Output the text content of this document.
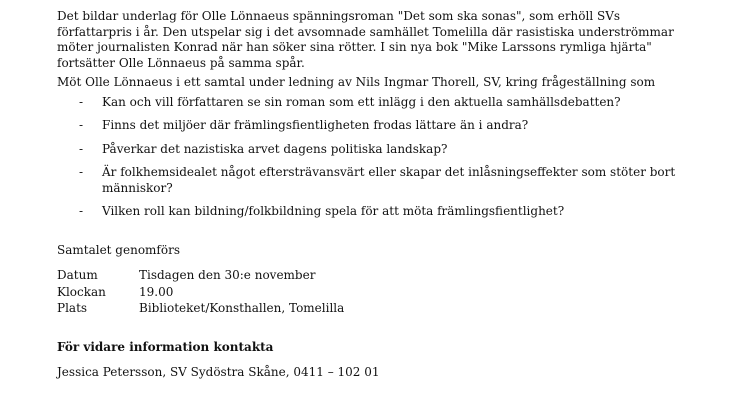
Det bildar underlag för Olle Lönnaeus spänningsroman "Det som ska sonas", som erhöll SVs författarpris i år. Den utspelar sig i det avsomnade samhället Tomelilla där rasistiska underströmmar möter journalisten Konrad när han söker sina rötter. I sin nya bok "Mike Larssons rymliga hjärta" fortsätter Olle Lönnaeus på samma spår.

Möt Olle Lönnaeus i ett samtal under ledning av Nils Ingmar Thorell, SV, kring frågeställning som

- Kan och vill författaren se sin roman som ett inlägg i den aktuella samhällsdebatten?
- Finns det miljöer där främlingsfientligheten frodas lättare än i andra?
- Påverkar det nazistiska arvet dagens politiska landskap?
- Är folkhemsidealet något eftersträvansvärt eller skapar det inlåsningseffekter som stöter bort människor?
- Vilken roll kan bildning/folkbildning spela för att möta främlingsfientlighet?
Samtalet genomförs
Datum	Tisdagen den 30:e november
Klockan	19.00
Plats	Biblioteket/Konsthallen, Tomelilla
För vidare information kontakta
Jessica Petersson, SV Sydöstra Skåne, 0411 – 102 01
